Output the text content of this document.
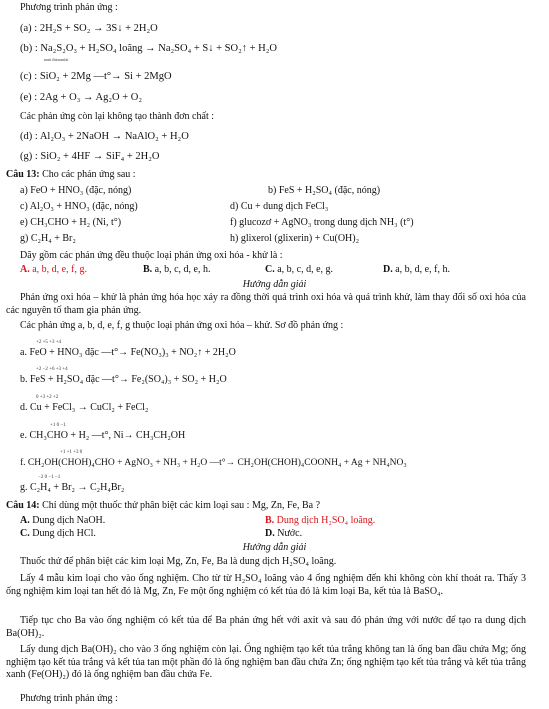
Phương trình phản ứng :
(a) : 2H₂S + SO₂ → 3S↓ + 2H₂O
(b) : Na₂S₂O₃ + H₂SO₄ loãng → Na₂SO₄ + S↓ + SO₂↑ + H₂O
natri thiosunfat
(c) : SiO₂ + 2Mg —t°→ Si + 2MgO
(e) : 2Ag + O₃ → Ag₂O + O₂
Các phản ứng còn lại không tạo thành đơn chất :
(d) : Al₂O₃ + 2NaOH → NaAlO₂ + H₂O
(g) : SiO₂ + 4HF → SiF₄ + 2H₂O
Câu 13: Cho các phản ứng sau :
a) FeO + HNO₃ (đặc, nóng)	b) FeS + H₂SO₄ (đặc, nóng)
c) Al₂O₃ + HNO₃ (đặc, nóng)	d) Cu + dung dịch FeCl₃
e) CH₃CHO + H₂ (Ni, t°)	f) glucozơ + AgNO₃ trong dung dịch NH₃ (t°)
g) C₂H₄ + Br₂	h) glixerol (glixerin) + Cu(OH)₂
Dãy gồm các phản ứng đều thuộc loại phản ứng oxi hóa - khử là :
A. a, b, d, e, f, g.	B. a, b, c, d, e, h.	C. a, b, c, d, e, g.	D. a, b, d, e, f, h.
Hướng dẫn giải
Phản ứng oxi hóa – khử là phản ứng hóa học xảy ra đồng thời quá trình oxi hóa và quá trình khử, làm thay đổi số oxi hóa của các nguyên tố tham gia phản ứng.
Các phản ứng a, b, d, e, f, g thuộc loại phản ứng oxi hóa – khử. Sơ đồ phản ứng :
+2 +5 +3 +4
a. FeO + HNO₃ đặc —t°→ Fe(NO₃)₃ + NO₂↑ + 2H₂O
+2 −2 +6 +3 +4
b. FeS + H₂SO₄ đặc —t°→ Fe₂(SO₄)₃ + SO₂ + H₂O
0 +3 +2 +2
d. Cu + FeCl₃ → CuCl₂ + FeCl₂
+1 0 −1
e. CH₃CHO + H₂ —t°, Ni→ CH₃CH₂OH
+1 +1 +3 0
f. CH₂OH(CHOH)₄CHO + AgNO₃ + NH₃ + H₂O —t°→ CH₂OH(CHOH)₄COONH₄ + Ag + NH₄NO₃
−2 0 −1 −1
g. C₂H₄ + Br₂ → C₂H₄Br₂
Câu 14: Chỉ dùng một thuốc thử phân biệt các kim loại sau : Mg, Zn, Fe, Ba ?
A. Dung dịch NaOH.	B. Dung dịch H₂SO₄ loãng.
C. Dung dịch HCl.	D. Nước.
Hướng dẫn giải
Thuốc thử để phân biệt các kim loại Mg, Zn, Fe, Ba là dung dịch H₂SO₄ loãng.
Lấy 4 mẫu kim loại cho vào ống nghiệm. Cho từ từ H₂SO₄ loãng vào 4 ống nghiệm đến khi không còn khí thoát ra. Thấy 3 ống nghiệm kim loại tan hết đó là Mg, Zn, Fe một ống nghiệm có kết tủa đó là kim loại Ba, kết tủa là BaSO₄.
Tiếp tục cho Ba vào ống nghiệm có kết tủa để Ba phản ứng hết với axit và sau đó phản ứng với nước để tạo ra dung dịch Ba(OH)₂.
Lấy dung dịch Ba(OH)₂ cho vào 3 ống nghiệm còn lại. Ống nghiệm tạo kết tủa trắng không tan là ống ban đầu chứa Mg; ống nghiệm tạo kết tủa trắng và kết tủa tan một phần đó là ống nghiệm ban đầu chứa Zn; ống nghiệm tạo kết tủa trắng và kết tủa trắng xanh (Fe(OH)₂) đó là ống nghiệm ban đầu chứa Fe.
Phương trình phản ứng :
